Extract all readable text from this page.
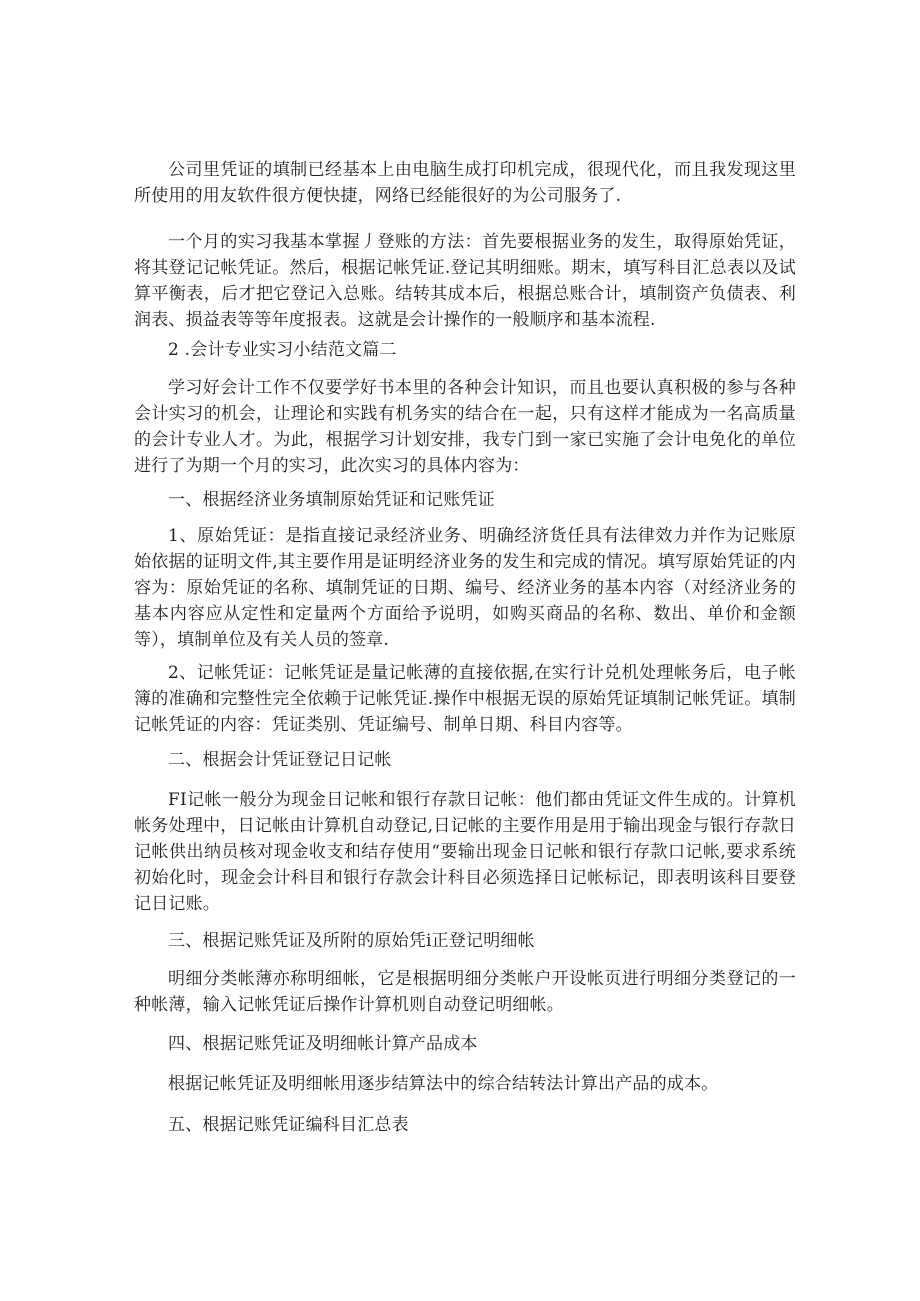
公司里凭证的填制已经基本上由电脑生成打印机完成，很现代化，而且我发现这里所使用的用友软件很方便快捷，网络已经能很好的为公司服务了.

一个月的实习我基本掌握丿登账的方法：首先要根据业务的发生，取得原始凭证，将其登记记帐凭证。然后，根据记帐凭证.登记其明细账。期末，填写科目汇总表以及试算平衡表，后才把它登记入总账。结转其成本后，根据总账合计，填制资产负债表、利润表、损益表等等年度报表。这就是会计操作的一般顺序和基本流程.

2 .会计专业实习小结范文篇二

学习好会计工作不仅要学好书本里的各种会计知识，而且也要认真积极的参与各种会计实习的机会，让理论和实践有机务实的结合在一起，只有这样才能成为一名高质量的会计专业人才。为此，根据学习计划安排，我专门到一家已实施了会计电免化的单位进行了为期一个月的实习，此次实习的具体内容为：

一、根据经济业务填制原始凭证和记账凭证

1、原始凭证：是指直接记录经济业务、明确经济货任具有法律效力并作为记账原始依据的证明文件,其主要作用是证明经济业务的发生和完成的情况。填写原始凭证的内容为：原始凭证的名称、填制凭证的日期、编号、经济业务的基本内容（对经济业务的基本内容应从定性和定量两个方面给予说明，如购买商品的名称、数出、单价和金额等），填制单位及有关人员的签章.

2、记帐凭证：记帐凭证是量记帐薄的直接依据,在实行计兑机处理帐务后，电子帐簿的准确和完整性完全依赖于记帐凭证.操作中根据无误的原始凭证填制记帐凭证。填制记帐凭证的内容：凭证类别、凭证编号、制单日期、科目内容等。

二、根据会计凭证登记日记帐

FI记帐一般分为现金日记帐和银行存款日记帐：他们都由凭证文件生成的。计算机帐务处理中，日记帐由计算机自动登记,日记帐的主要作用是用于输出现金与银行存款日记帐供出纳员核对现金收支和结存使用“要输出现金日记帐和银行存款口记帐,要求系统初始化时，现金会计科目和银行存款会计科目必须选择日记帐标记，即表明该科目要登记日记账。

三、根据记账凭证及所附的原始凭i正登记明细帐

明细分类帐薄亦称明细帐，它是根据明细分类帐户开设帐页进行明细分类登记的一种帐薄，输入记帐凭证后操作计算机则自动登记明细帐。

四、根据记账凭证及明细帐计算产品成本

根据记帐凭证及明细帐用逐步结算法中的综合结转法计算出产品的成本。

五、根据记账凭证编科目汇总表
